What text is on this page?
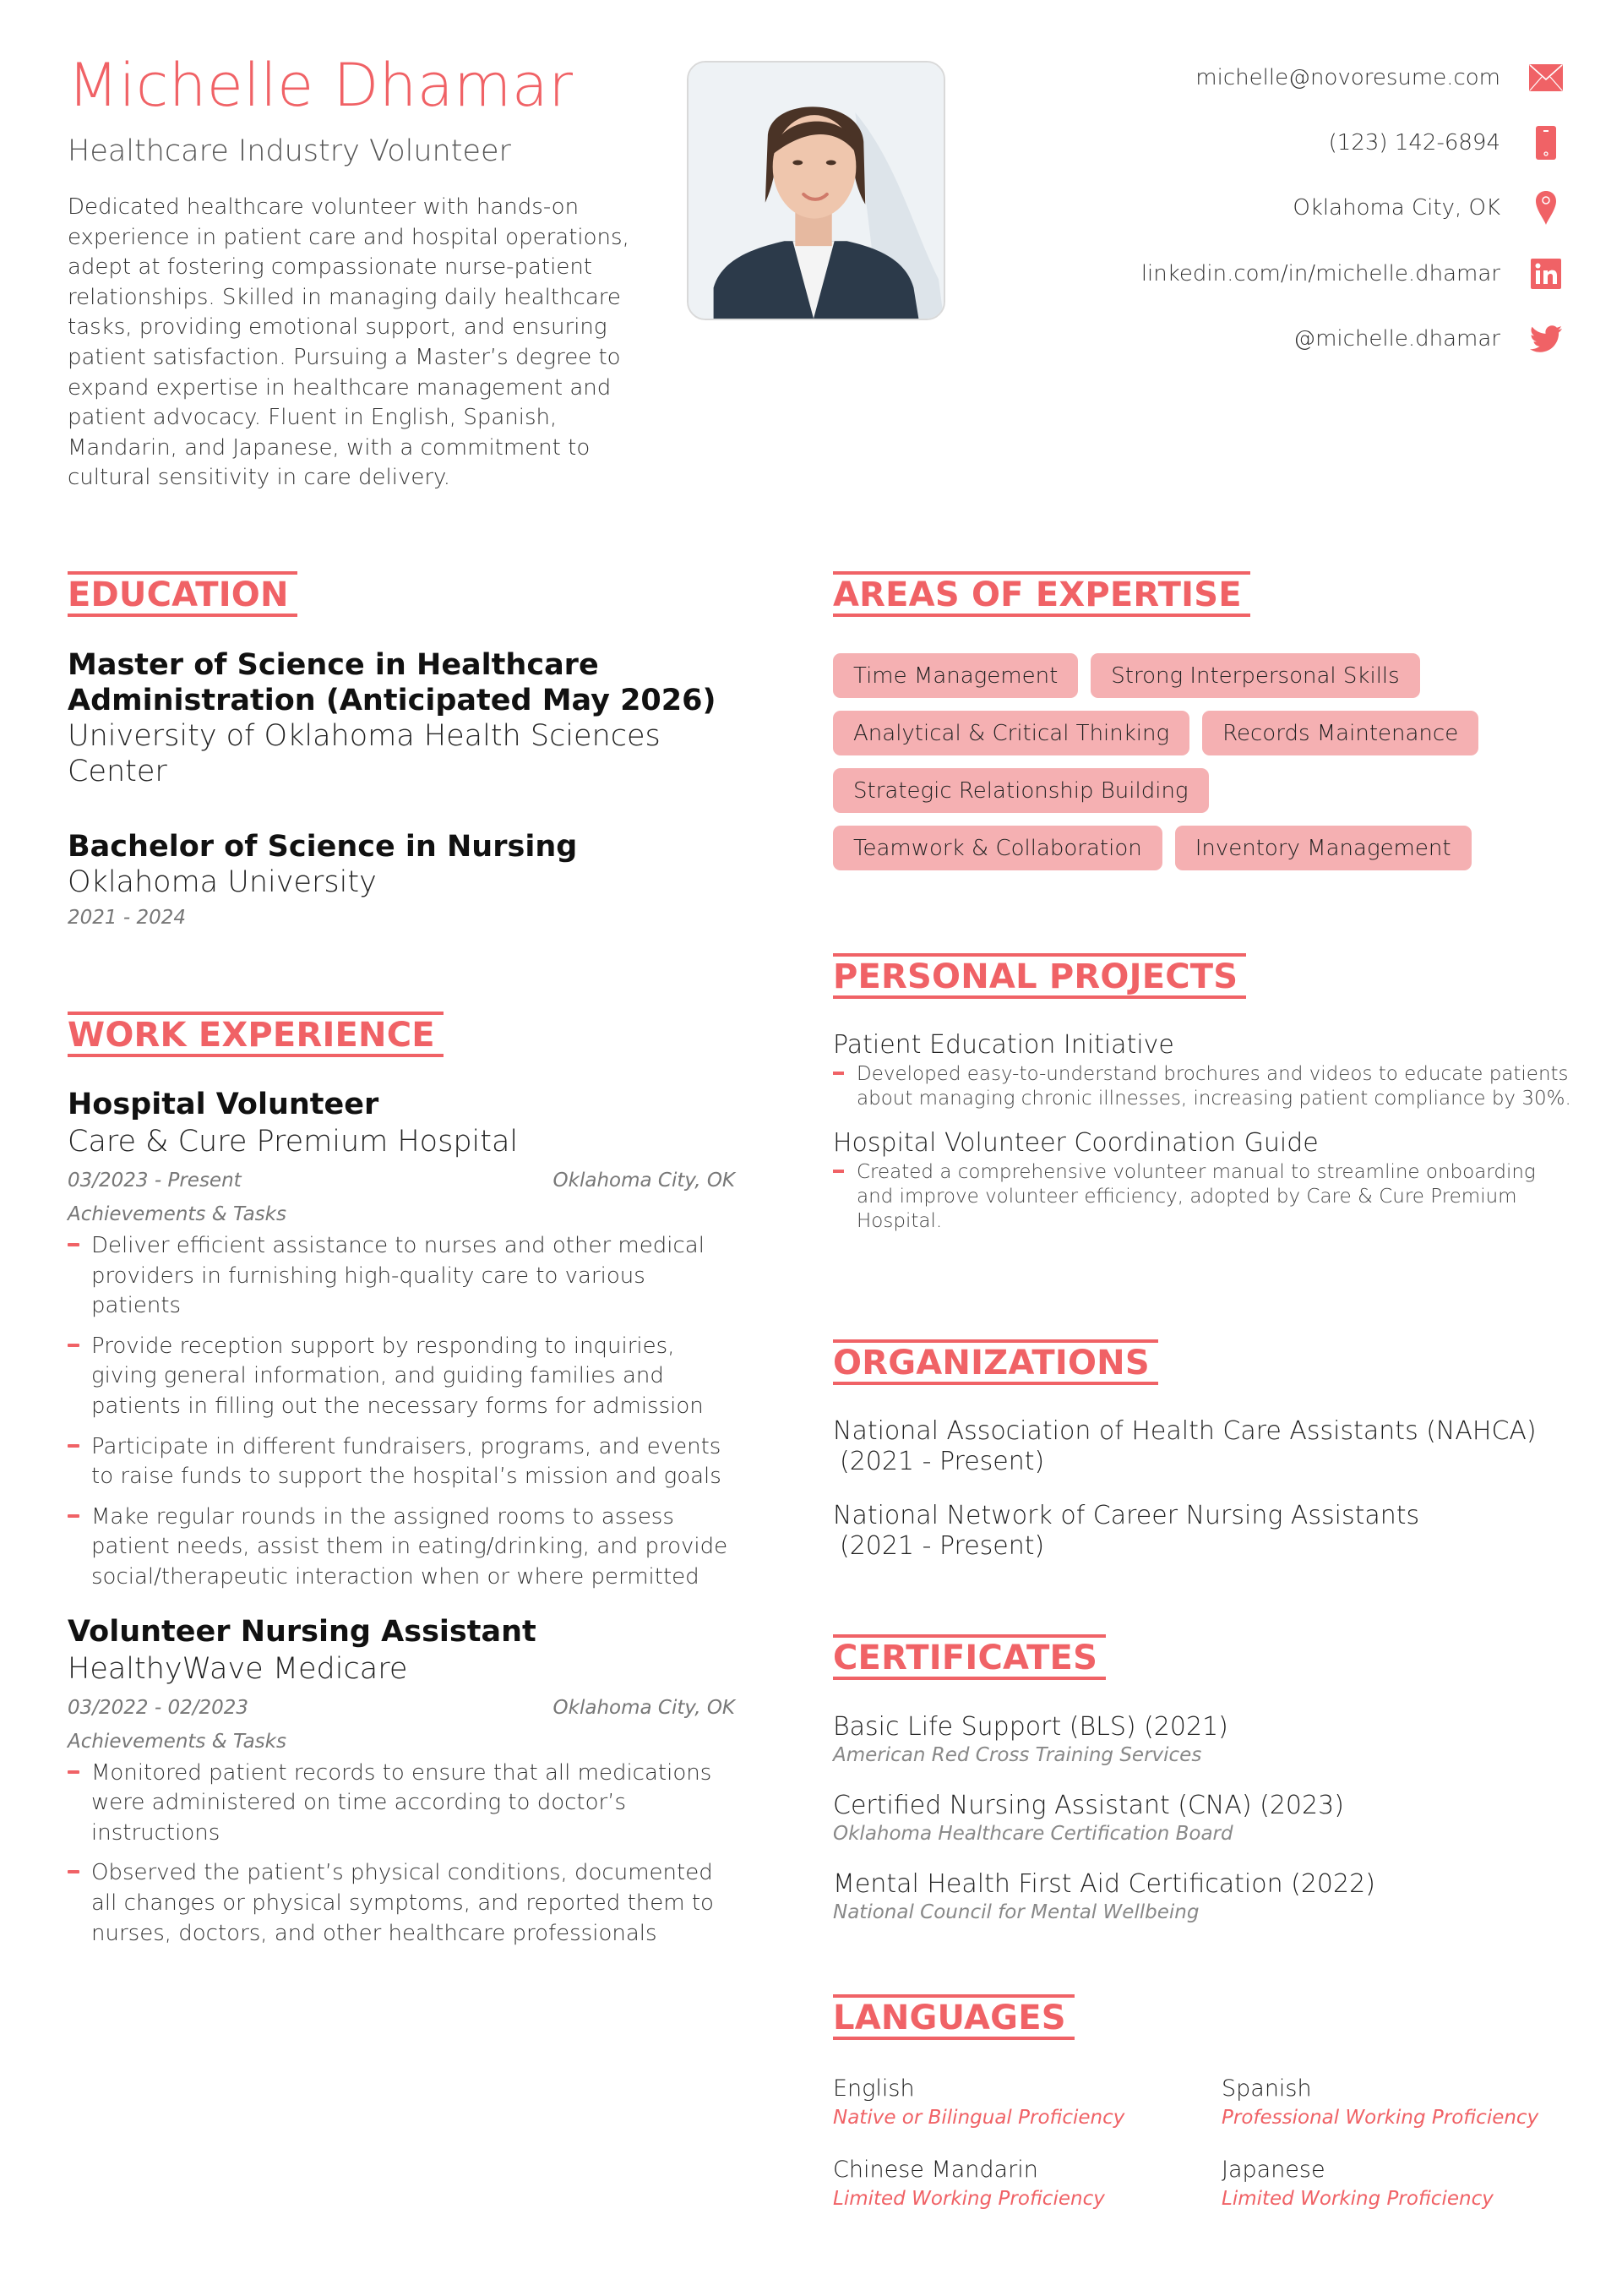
Michelle Dhamar
Healthcare Industry Volunteer
Dedicated healthcare volunteer with hands-on experience in patient care and hospital operations, adept at fostering compassionate nurse-patient relationships. Skilled in managing daily healthcare tasks, providing emotional support, and ensuring patient satisfaction. Pursuing a Master’s degree to expand expertise in healthcare management and patient advocacy. Fluent in English, Spanish, Mandarin, and Japanese, with a commitment to cultural sensitivity in care delivery.
michelle@novoresume.com
(123) 142-6894
Oklahoma City, OK
linkedin.com/in/michelle.dhamar
@michelle.dhamar
EDUCATION
Master of Science in Healthcare Administration (Anticipated May 2026)
University of Oklahoma Health Sciences Center
Bachelor of Science in Nursing
Oklahoma University
2021 - 2024
WORK EXPERIENCE
Hospital Volunteer
Care & Cure Premium Hospital
03/2023 - Present	Oklahoma City, OK
Achievements & Tasks
Deliver efficient assistance to nurses and other medical providers in furnishing high-quality care to various patients
Provide reception support by responding to inquiries, giving general information, and guiding families and patients in filling out the necessary forms for admission
Participate in different fundraisers, programs, and events to raise funds to support the hospital’s mission and goals
Make regular rounds in the assigned rooms to assess patient needs, assist them in eating/drinking, and provide social/therapeutic interaction when or where permitted
Volunteer Nursing Assistant
HealthyWave Medicare
03/2022 - 02/2023	Oklahoma City, OK
Achievements & Tasks
Monitored patient records to ensure that all medications were administered on time according to doctor’s instructions
Observed the patient’s physical conditions, documented all changes or physical symptoms, and reported them to nurses, doctors, and other healthcare professionals
AREAS OF EXPERTISE
Time Management	Strong Interpersonal Skills
Analytical & Critical Thinking	Records Maintenance
Strategic Relationship Building
Teamwork & Collaboration	Inventory Management
PERSONAL PROJECTS
Patient Education Initiative
Developed easy-to-understand brochures and videos to educate patients about managing chronic illnesses, increasing patient compliance by 30%.
Hospital Volunteer Coordination Guide
Created a comprehensive volunteer manual to streamline onboarding and improve volunteer efficiency, adopted by Care & Cure Premium Hospital.
ORGANIZATIONS
National Association of Health Care Assistants (NAHCA)
(2021 - Present)
National Network of Career Nursing Assistants
(2021 - Present)
CERTIFICATES
Basic Life Support (BLS) (2021)
American Red Cross Training Services
Certified Nursing Assistant (CNA) (2023)
Oklahoma Healthcare Certification Board
Mental Health First Aid Certification (2022)
National Council for Mental Wellbeing
LANGUAGES
English
Native or Bilingual Proficiency
Spanish
Professional Working Proficiency
Chinese Mandarin
Limited Working Proficiency
Japanese
Limited Working Proficiency
